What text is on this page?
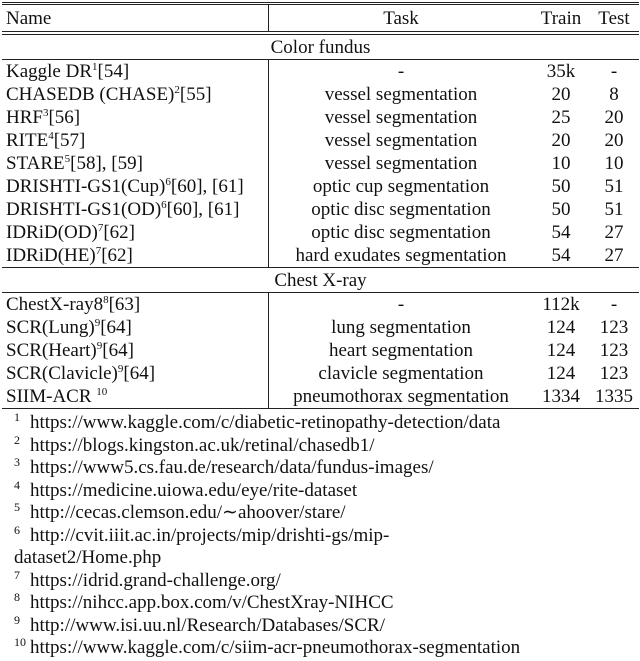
Name	Task	Train	Test
Color fundus			
Kaggle $DR^1[54]$	-	35k	-
CHASEDB (CHASE)$^2$[55]	vessel segmentation	20	8
HRF$^3$[56]	vessel segmentation	25	20
RITE$^4$[57]	vessel segmentation	20	20
STARE$^5$[58], [59]	vessel segmentation	10	10
DRISHTI-GS1(Cup)$^6$[60], [61]	optic cup segmentation	50	51
DRISHTI-GS1(OD)$^6$[60], [61]	optic disc segmentation	50	51
IDRiD(OD)$^7$[62]	optic disc segmentation	54	27
IDRiD(HE)$^7$[62]	hard exudates segmentation	54	27
Chest X-ray			
ChestX-$ray8^8[63]$	-	112k	-
SCR(Lung)$^9$[64]	lung segmentation	124	123
SCR(Heart)$^9$[64]	heart segmentation	124	123
SCR(Clavicle)$^9$[64]	clavicle segmentation	124	123
SIIM-ACR $^{10}$	pneumothorax segmentation	1334	1335
1 https://www.kaggle.com/c/diabetic-retinopathy-detection/data
2 https://blogs.kingston.ac.uk/retinal/chasedb1/
3 https://www5.cs.fau.de/research/data/fundus-images/
4 https://medicine.uiowa.edu/eye/rite-dataset
5 http://cecas.clemson.edu/∼ahoover/stare/
6 http://cvit.iiit.ac.in/projects/mip/drishti-gs/mip-
dataset2/Home.php
7 https://idrid.grand-challenge.org/
8 https://nihcc.app.box.com/v/ChestXray-NIHCC
9 http://www.isi.uu.nl/Research/Databases/SCR/
10 https://www.kaggle.com/c/siim-acr-pneumothorax-segmentation
